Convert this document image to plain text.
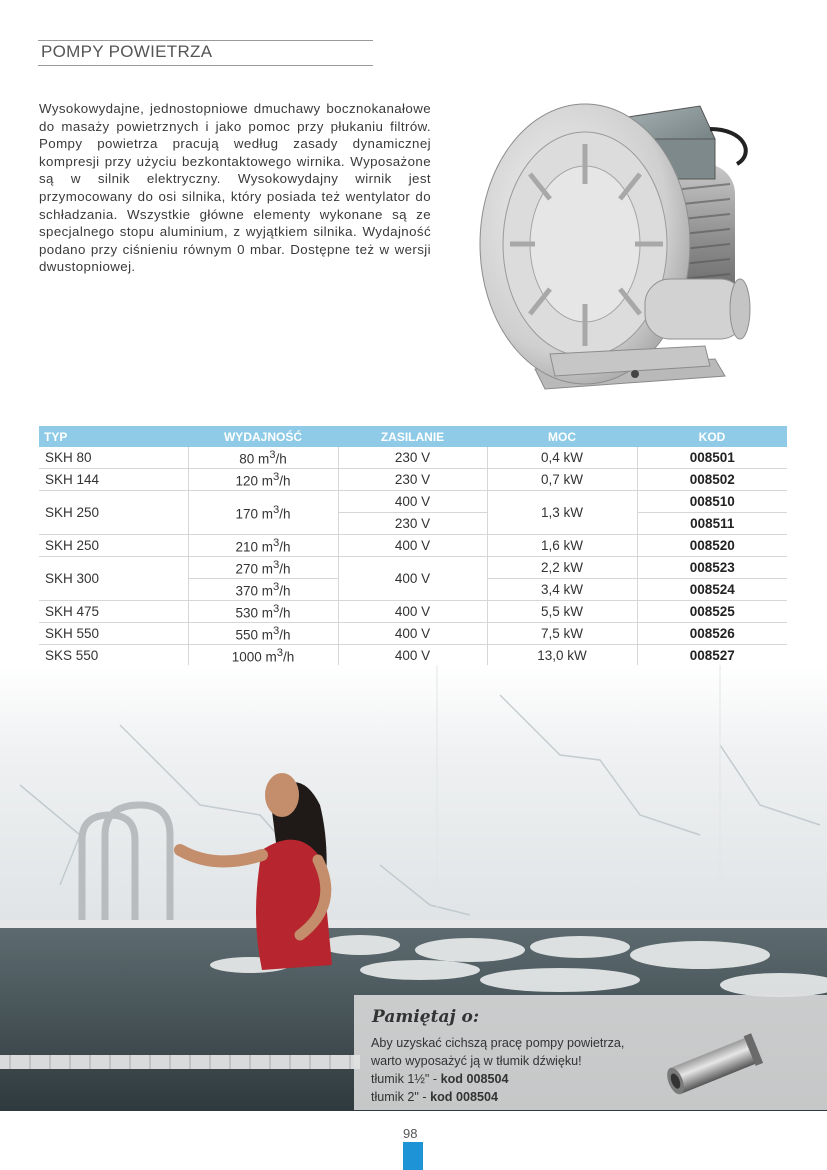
POMPY POWIETRZA

Wysokowydajne, jednostopniowe dmuchawy bocznokanałowe do masaży powietrznych i jako pomoc przy płukaniu filtrów. Pompy powietrza pracują według zasady dynamicznej kompresji przy użyciu bezkontaktowego wirnika. Wyposażone są w silnik elektryczny. Wysokowydajny wirnik jest przymocowany do osi silnika, który posiada też wentylator do schładzania. Wszystkie główne elementy wykonane są ze specjalnego stopu aluminium, z wyjątkiem silnika. Wydajność podano przy ciśnieniu równym 0 mbar. Dostępne też w wersji dwustopniowej.

TYP	WYDAJNOŚĆ	ZASILANIE	MOC	KOD
SKH 80	80 $m^3/h$	230 V	0,4 kW	008501
SKH 144	120 $m^3/h$	230 V	0,7 kW	008502
SKH 250	170 $m^3/h$	400 V	1,3 kW	008510
		230 V		008511
SKH 250	210 $m^3/h$	400 V	1,6 kW	008520
SKH 300	270 $m^3/h$	400 V	2,2 kW	008523
	370 $m^3/h$		3,4 kW	008524
SKH 475	530 $m^3/h$	400 V	5,5 kW	008525
SKH 550	550 $m^3/h$	400 V	7,5 kW	008526
SKS 550	1000 $m^3/h$	400 V	13,0 kW	008527
Pamiętaj o:
Aby uzyskać cichszą pracę pompy powietrza,
warto wyposażyć ją w tłumik dźwięku!
tłumik 1½" - kod 008504
tłumik 2" - kod 008504
98
